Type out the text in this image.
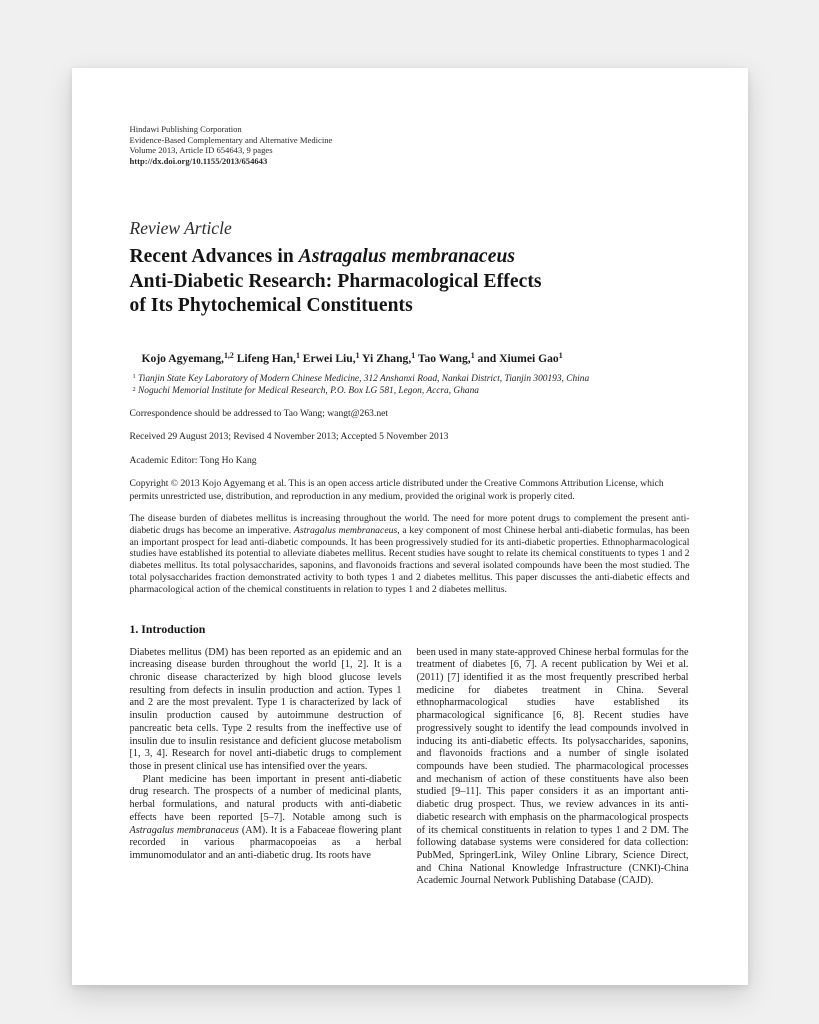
Hindawi Publishing Corporation
Evidence-Based Complementary and Alternative Medicine
Volume 2013, Article ID 654643, 9 pages
http://dx.doi.org/10.1155/2013/654643
Review Article
Recent Advances in Astragalus membranaceus
Anti-Diabetic Research: Pharmacological Effects
of Its Phytochemical Constituents
Kojo Agyemang,$^{1,2}$ Lifeng Han,$^1$ Erwei Liu,$^1$ Yi Zhang,$^1$ Tao Wang,$^1$ and Xiumei Gao$^1$
$^1$ Tianjin State Key Laboratory of Modern Chinese Medicine, 312 Anshanxi Road, Nankai District, Tianjin 300193, China
$^2$ Noguchi Memorial Institute for Medical Research, P.O. Box LG 581, Legon, Accra, Ghana
Correspondence should be addressed to Tao Wang; wangt@263.net
Received 29 August 2013; Revised 4 November 2013; Accepted 5 November 2013
Academic Editor: Tong Ho Kang
Copyright © 2013 Kojo Agyemang et al. This is an open access article distributed under the Creative Commons Attribution License, which permits unrestricted use, distribution, and reproduction in any medium, provided the original work is properly cited.
The disease burden of diabetes mellitus is increasing throughout the world. The need for more potent drugs to complement the present anti-diabetic drugs has become an imperative. Astragalus membranaceus, a key component of most Chinese herbal anti-diabetic formulas, has been an important prospect for lead anti-diabetic compounds. It has been progressively studied for its anti-diabetic properties. Ethnopharmacological studies have established its potential to alleviate diabetes mellitus. Recent studies have sought to relate its chemical constituents to types 1 and 2 diabetes mellitus. Its total polysaccharides, saponins, and flavonoids fractions and several isolated compounds have been the most studied. The total polysaccharides fraction demonstrated activity to both types 1 and 2 diabetes mellitus. This paper discusses the anti-diabetic effects and pharmacological action of the chemical constituents in relation to types 1 and 2 diabetes mellitus.
1. Introduction

Diabetes mellitus (DM) has been reported as an epidemic and an increasing disease burden throughout the world [1, 2]. It is a chronic disease characterized by high blood glucose levels resulting from defects in insulin production and action. Types 1 and 2 are the most prevalent. Type 1 is characterized by lack of insulin production caused by autoimmune destruction of pancreatic beta cells. Type 2 results from the ineffective use of insulin due to insulin resistance and deficient glucose metabolism [1, 3, 4]. Research for novel anti-diabetic drugs to complement those in present clinical use has intensified over the years.

Plant medicine has been important in present anti-diabetic drug research. The prospects of a number of medicinal plants, herbal formulations, and natural products with anti-diabetic effects have been reported [5–7]. Notable among such is Astragalus membranaceus (AM). It is a Fabaceae flowering plant recorded in various pharmacopoeias as a herbal immunomodulator and an anti-diabetic drug. Its roots have

been used in many state-approved Chinese herbal formulas for the treatment of diabetes [6, 7]. A recent publication by Wei et al. (2011) [7] identified it as the most frequently prescribed herbal medicine for diabetes treatment in China. Several ethnopharmacological studies have established its pharmacological significance [6, 8]. Recent studies have progressively sought to identify the lead compounds involved in inducing its anti-diabetic effects. Its polysaccharides, saponins, and flavonoids fractions and a number of single isolated compounds have been studied. The pharmacological processes and mechanism of action of these constituents have also been studied [9–11]. This paper considers it as an important anti-diabetic drug prospect. Thus, we review advances in its anti-diabetic research with emphasis on the pharmacological prospects of its chemical constituents in relation to types 1 and 2 DM. The following database systems were considered for data collection: PubMed, SpringerLink, Wiley Online Library, Science Direct, and China National Knowledge Infrastructure (CNKI)-China Academic Journal Network Publishing Database (CAJD).
